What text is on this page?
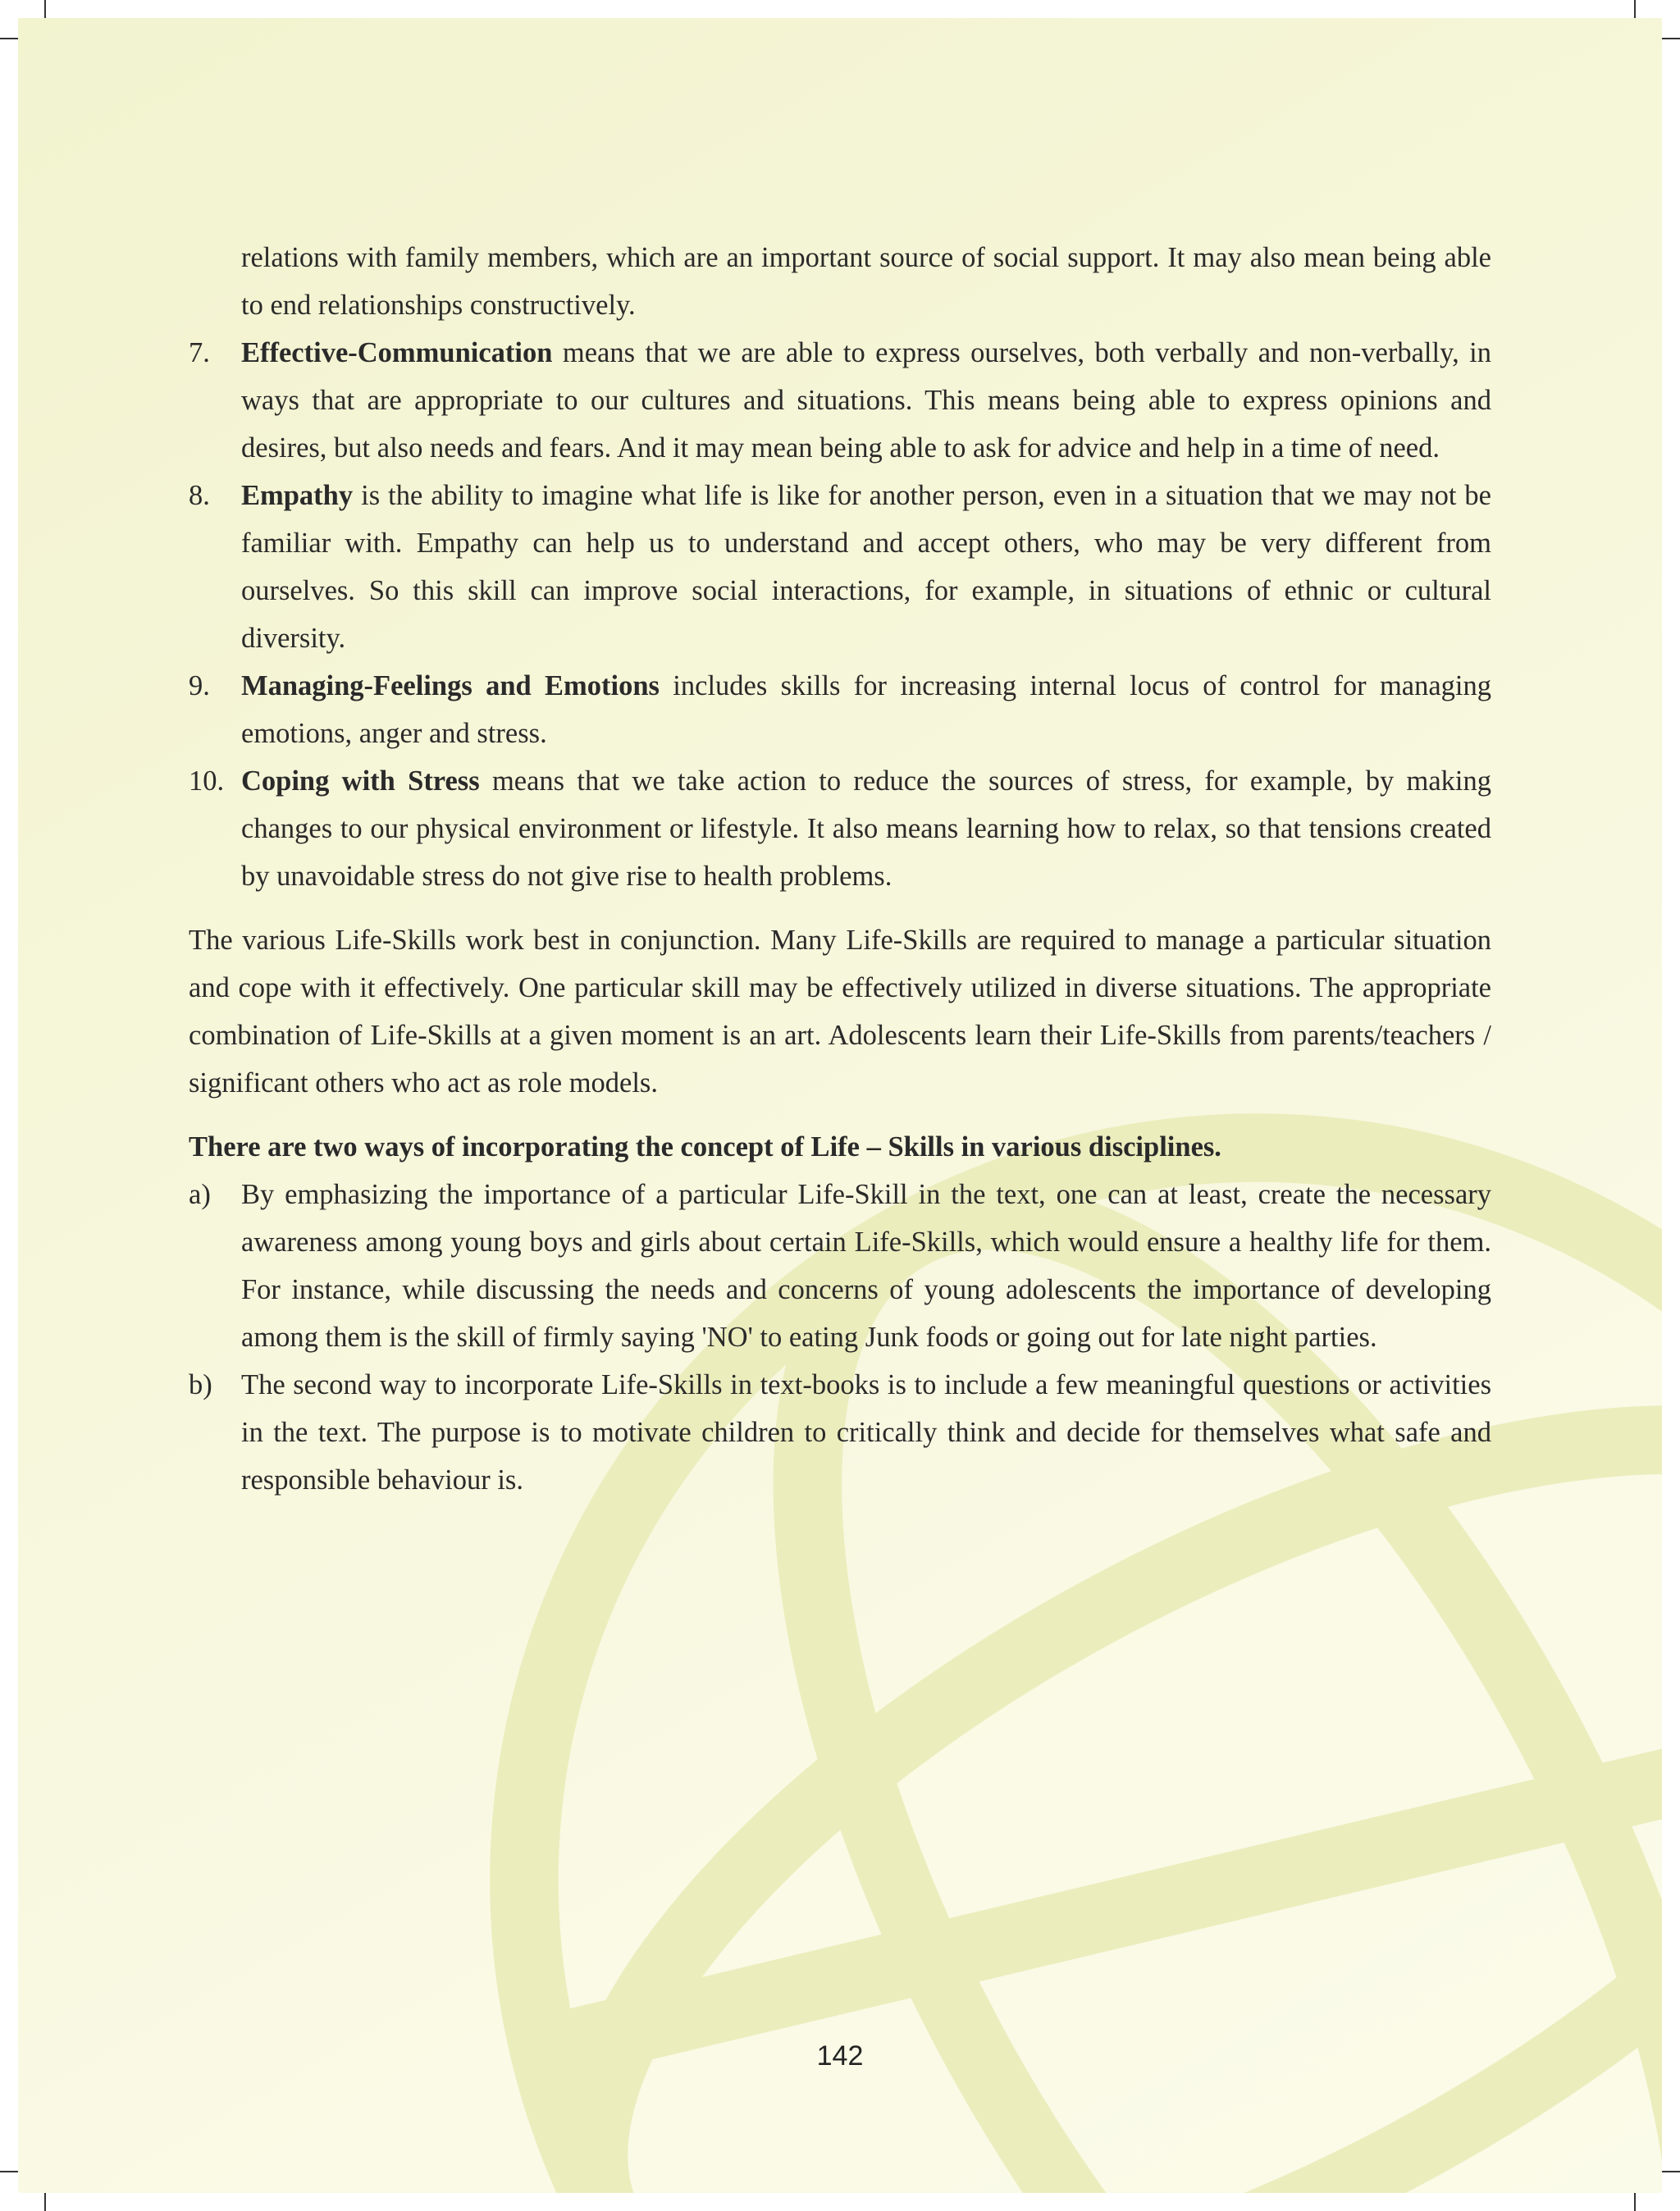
relations with family members, which are an important source of social support. It may also mean being able to end relationships constructively.

7. Effective-Communication means that we are able to express ourselves, both verbally and non-verbally, in ways that are appropriate to our cultures and situations. This means being able to express opinions and desires, but also needs and fears. And it may mean being able to ask for advice and help in a time of need.

8. Empathy is the ability to imagine what life is like for another person, even in a situation that we may not be familiar with. Empathy can help us to understand and accept others, who may be very different from ourselves. So this skill can improve social interactions, for example, in situations of ethnic or cultural diversity.

9. Managing-Feelings and Emotions includes skills for increasing internal locus of control for managing emotions, anger and stress.

10. Coping with Stress means that we take action to reduce the sources of stress, for example, by making changes to our physical environment or lifestyle. It also means learning how to relax, so that tensions created by unavoidable stress do not give rise to health problems.

The various Life-Skills work best in conjunction. Many Life-Skills are required to manage a particular situation and cope with it effectively. One particular skill may be effectively utilized in diverse situations. The appropriate combination of Life-Skills at a given moment is an art. Adolescents learn their Life-Skills from parents/teachers / significant others who act as role models.

There are two ways of incorporating the concept of Life – Skills in various disciplines.

a) By emphasizing the importance of a particular Life-Skill in the text, one can at least, create the necessary awareness among young boys and girls about certain Life-Skills, which would ensure a healthy life for them. For instance, while discussing the needs and concerns of young adolescents the importance of developing among them is the skill of firmly saying 'NO' to eating Junk foods or going out for late night parties.

b) The second way to incorporate Life-Skills in text-books is to include a few meaningful questions or activities in the text. The purpose is to motivate children to critically think and decide for themselves what safe and responsible behaviour is.

142
